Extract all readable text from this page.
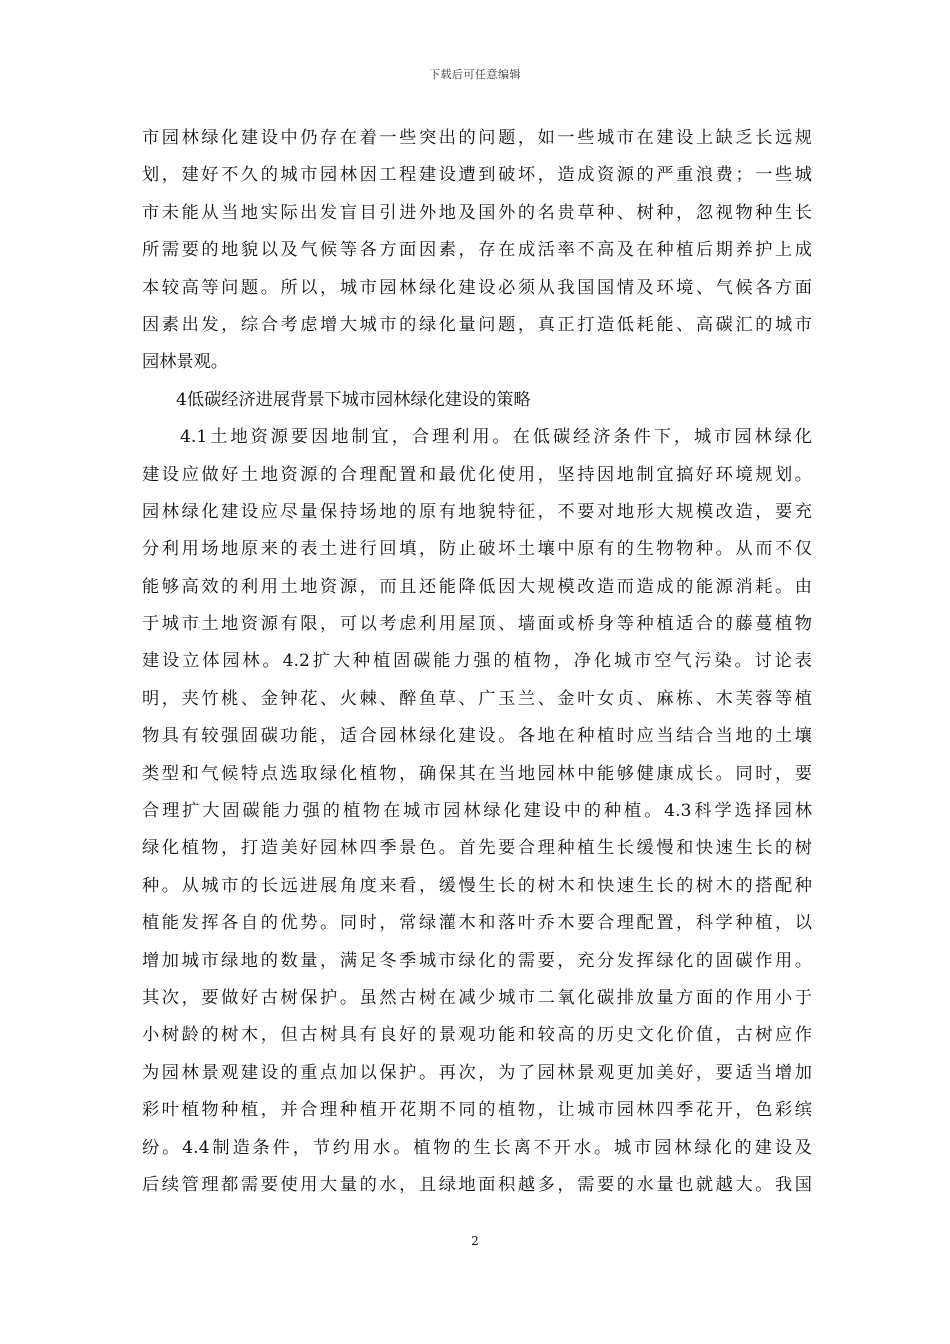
下载后可任意编辑
市园林绿化建设中仍存在着一些突出的问题，如一些城市在建设上缺乏长远规
划，建好不久的城市园林因工程建设遭到破坏，造成资源的严重浪费；一些城
市未能从当地实际出发盲目引进外地及国外的名贵草种、树种，忽视物种生长
所需要的地貌以及气候等各方面因素，存在成活率不高及在种植后期养护上成
本较高等问题。所以，城市园林绿化建设必须从我国国情及环境、气候各方面
因素出发，综合考虑增大城市的绿化量问题，真正打造低耗能、高碳汇的城市
园林景观。
4低碳经济进展背景下城市园林绿化建设的策略
4.1土地资源要因地制宜，合理利用。在低碳经济条件下，城市园林绿化
建设应做好土地资源的合理配置和最优化使用，坚持因地制宜搞好环境规划。
园林绿化建设应尽量保持场地的原有地貌特征，不要对地形大规模改造，要充
分利用场地原来的表土进行回填，防止破坏土壤中原有的生物物种。从而不仅
能够高效的利用土地资源，而且还能降低因大规模改造而造成的能源消耗。由
于城市土地资源有限，可以考虑利用屋顶、墙面或桥身等种植适合的藤蔓植物
建设立体园林。4.2扩大种植固碳能力强的植物，净化城市空气污染。讨论表
明，夹竹桃、金钟花、火棘、醉鱼草、广玉兰、金叶女贞、麻栋、木芙蓉等植
物具有较强固碳功能，适合园林绿化建设。各地在种植时应当结合当地的土壤
类型和气候特点选取绿化植物，确保其在当地园林中能够健康成长。同时，要
合理扩大固碳能力强的植物在城市园林绿化建设中的种植。4.3科学选择园林
绿化植物，打造美好园林四季景色。首先要合理种植生长缓慢和快速生长的树
种。从城市的长远进展角度来看，缓慢生长的树木和快速生长的树木的搭配种
植能发挥各自的优势。同时，常绿灌木和落叶乔木要合理配置，科学种植，以
增加城市绿地的数量，满足冬季城市绿化的需要，充分发挥绿化的固碳作用。
其次，要做好古树保护。虽然古树在减少城市二氧化碳排放量方面的作用小于
小树龄的树木，但古树具有良好的景观功能和较高的历史文化价值，古树应作
为园林景观建设的重点加以保护。再次，为了园林景观更加美好，要适当增加
彩叶植物种植，并合理种植开花期不同的植物，让城市园林四季花开，色彩缤
纷。4.4制造条件，节约用水。植物的生长离不开水。城市园林绿化的建设及
后续管理都需要使用大量的水，且绿地面积越多，需要的水量也就越大。我国
2
